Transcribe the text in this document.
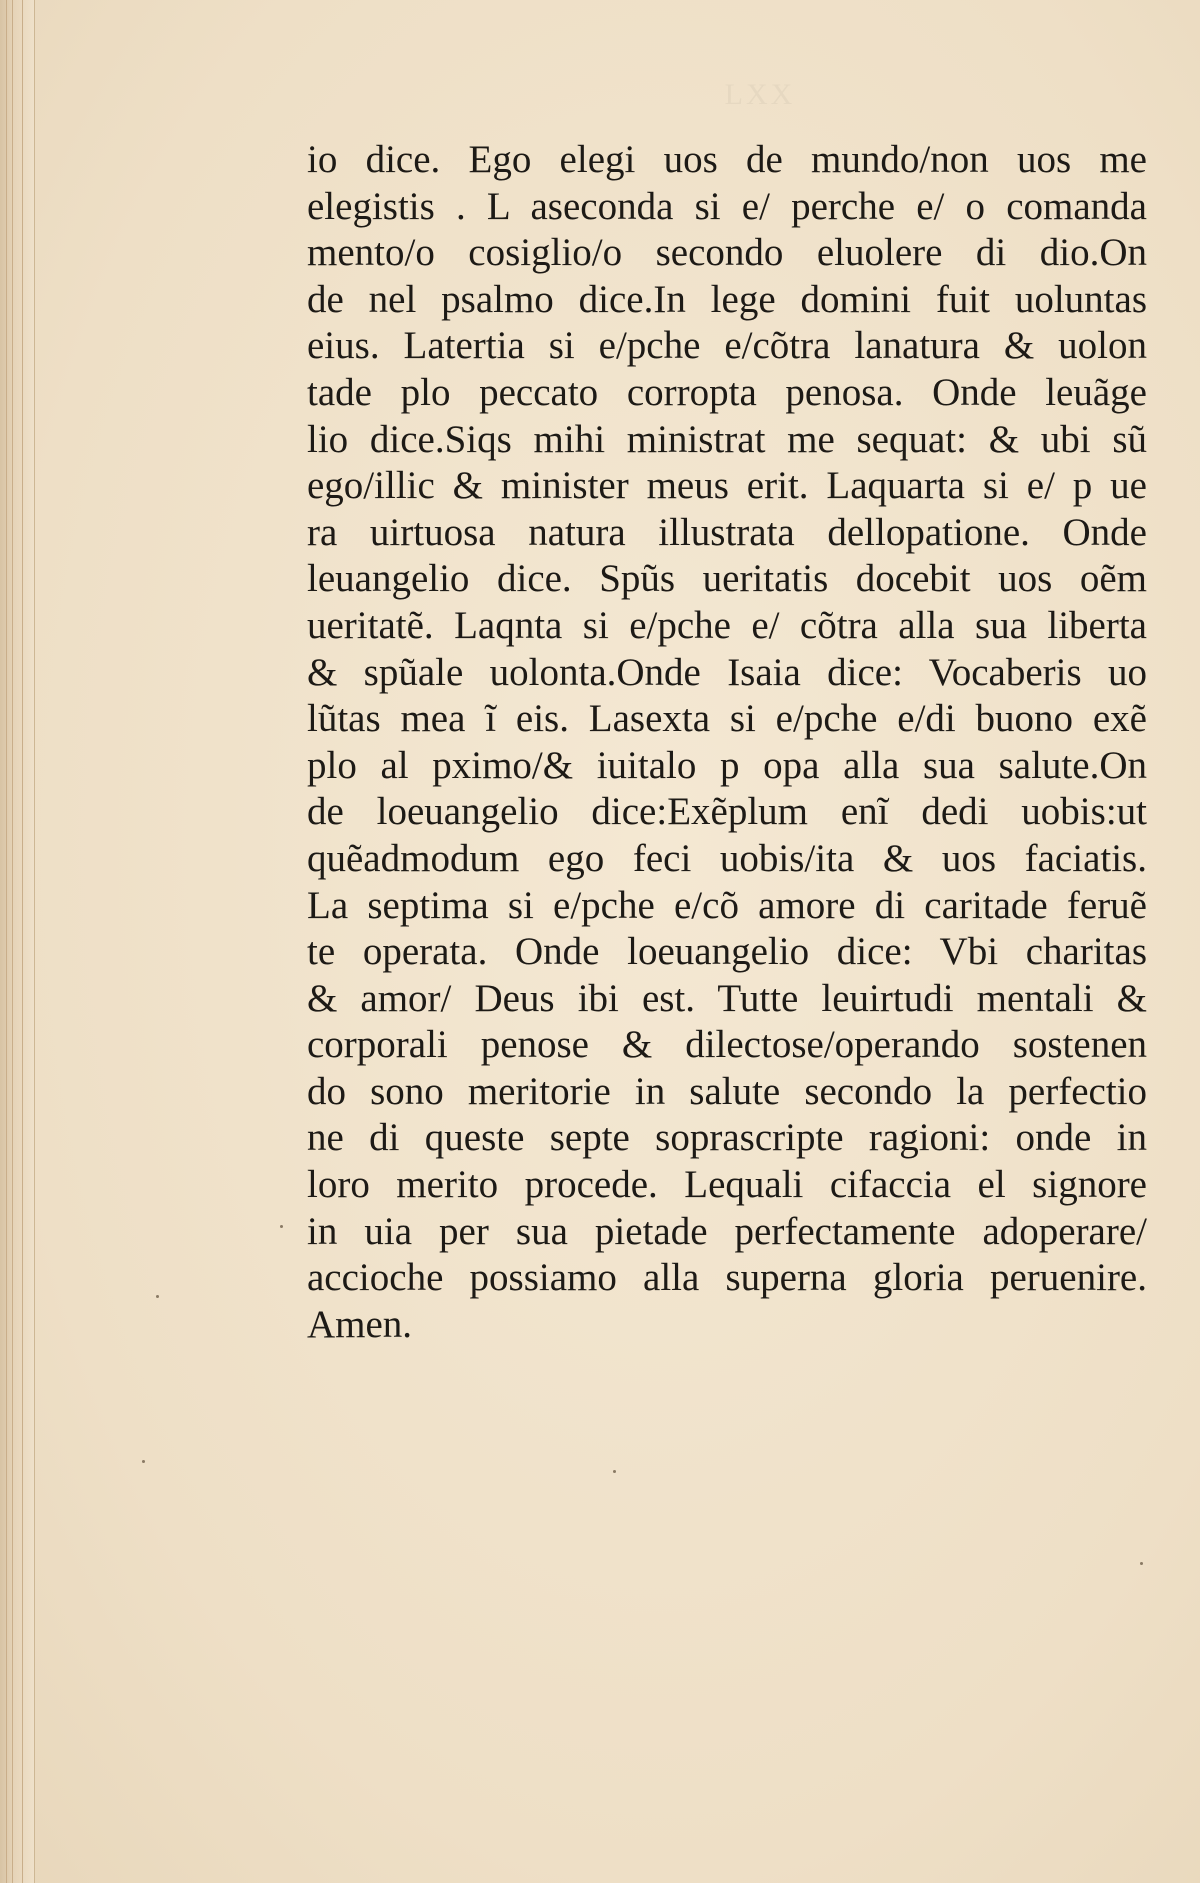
LXX
io dice. Ego elegi uos de mundo/non uos me
elegistis . L aseconda si e/ perche e/ o comanda
mento/o cosiglio/o secondo eluolere di dio.On
de nel psalmo dice.In lege domini fuit uoluntas
eius. Latertia si e/pche e/cõtra lanatura & uolon
tade plo peccato corropta penosa. Onde leuãge
lio dice.Siqs mihi ministrat me sequat: & ubi sũ
ego/illic & minister meus erit. Laquarta si e/ p ue
ra uirtuosa natura illustrata dellopatione. Onde
leuangelio dice. Spũs ueritatis docebit uos oẽm
ueritatẽ. Laqnta si e/pche e/ cõtra alla sua liberta
& spũale uolonta.Onde Isaia dice: Vocaberis uo
lũtas mea ĩ eis. Lasexta si e/pche e/di buono exẽ
plo al pximo/& iuitalo p opa alla sua salute.On
de loeuangelio dice:Exẽplum enĩ dedi uobis:ut
quẽadmodum ego feci uobis/ita & uos faciatis.
La septima si e/pche e/cõ amore di caritade feruẽ
te operata. Onde loeuangelio dice: Vbi charitas
& amor/ Deus ibi est. Tutte leuirtudi mentali &
corporali penose & dilectose/operando sostenen
do sono meritorie in salute secondo la perfectio
ne di queste septe soprascripte ragioni: onde in
loro merito procede. Lequali cifaccia el signore
in uia per sua pietade perfectamente adoperare/
accioche possiamo alla superna gloria peruenire.
Amen.
